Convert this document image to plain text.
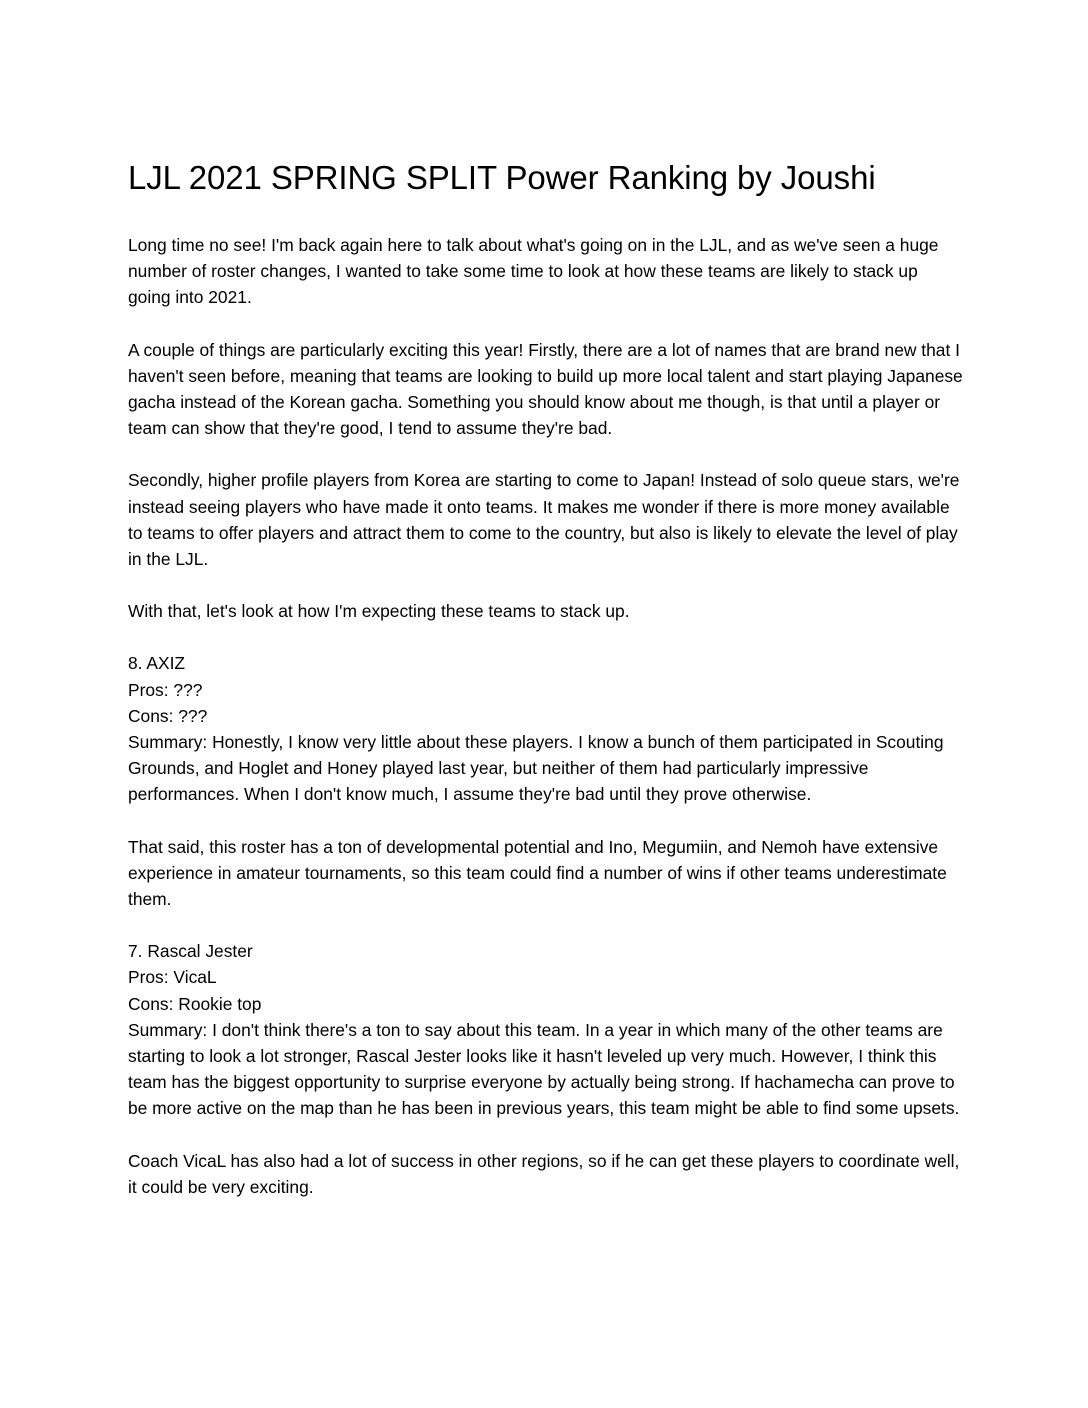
LJL 2021 SPRING SPLIT Power Ranking by Joushi

Long time no see! I'm back again here to talk about what's going on in the LJL, and as we've seen a huge number of roster changes, I wanted to take some time to look at how these teams are likely to stack up going into 2021.

A couple of things are particularly exciting this year! Firstly, there are a lot of names that are brand new that I haven't seen before, meaning that teams are looking to build up more local talent and start playing Japanese gacha instead of the Korean gacha. Something you should know about me though, is that until a player or team can show that they're good, I tend to assume they're bad.

Secondly, higher profile players from Korea are starting to come to Japan! Instead of solo queue stars, we're instead seeing players who have made it onto teams. It makes me wonder if there is more money available to teams to offer players and attract them to come to the country, but also is likely to elevate the level of play in the LJL.

With that, let's look at how I'm expecting these teams to stack up.

8. AXIZ
Pros: ???
Cons: ???
Summary: Honestly, I know very little about these players. I know a bunch of them participated in Scouting Grounds, and Hoglet and Honey played last year, but neither of them had particularly impressive performances. When I don't know much, I assume they're bad until they prove otherwise.

That said, this roster has a ton of developmental potential and Ino, Megumiin, and Nemoh have extensive experience in amateur tournaments, so this team could find a number of wins if other teams underestimate them.

7. Rascal Jester
Pros: VicaL
Cons: Rookie top
Summary: I don't think there's a ton to say about this team. In a year in which many of the other teams are starting to look a lot stronger, Rascal Jester looks like it hasn't leveled up very much. However, I think this team has the biggest opportunity to surprise everyone by actually being strong. If hachamecha can prove to be more active on the map than he has been in previous years, this team might be able to find some upsets.

Coach VicaL has also had a lot of success in other regions, so if he can get these players to coordinate well, it could be very exciting.
